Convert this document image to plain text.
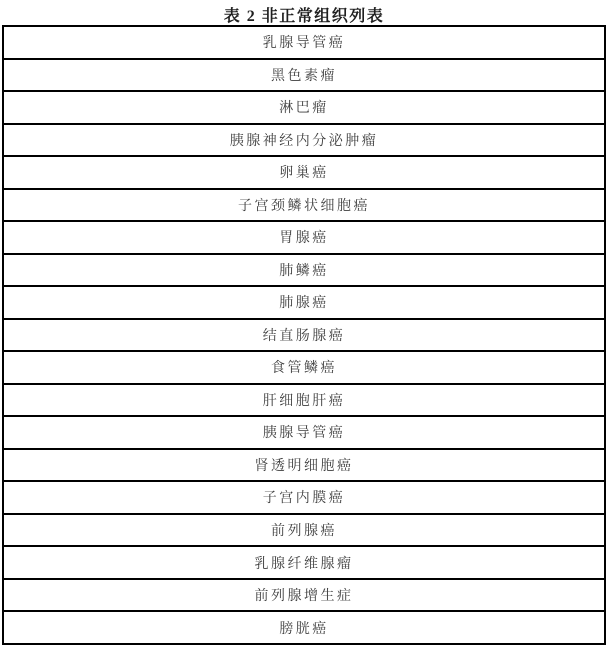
表 2 非正常组织列表
乳腺导管癌
黑色素瘤
淋巴瘤
胰腺神经内分泌肿瘤
卵巢癌
子宫颈鳞状细胞癌
胃腺癌
肺鳞癌
肺腺癌
结直肠腺癌
食管鳞癌
肝细胞肝癌
胰腺导管癌
肾透明细胞癌
子宫内膜癌
前列腺癌
乳腺纤维腺瘤
前列腺增生症
膀胱癌
